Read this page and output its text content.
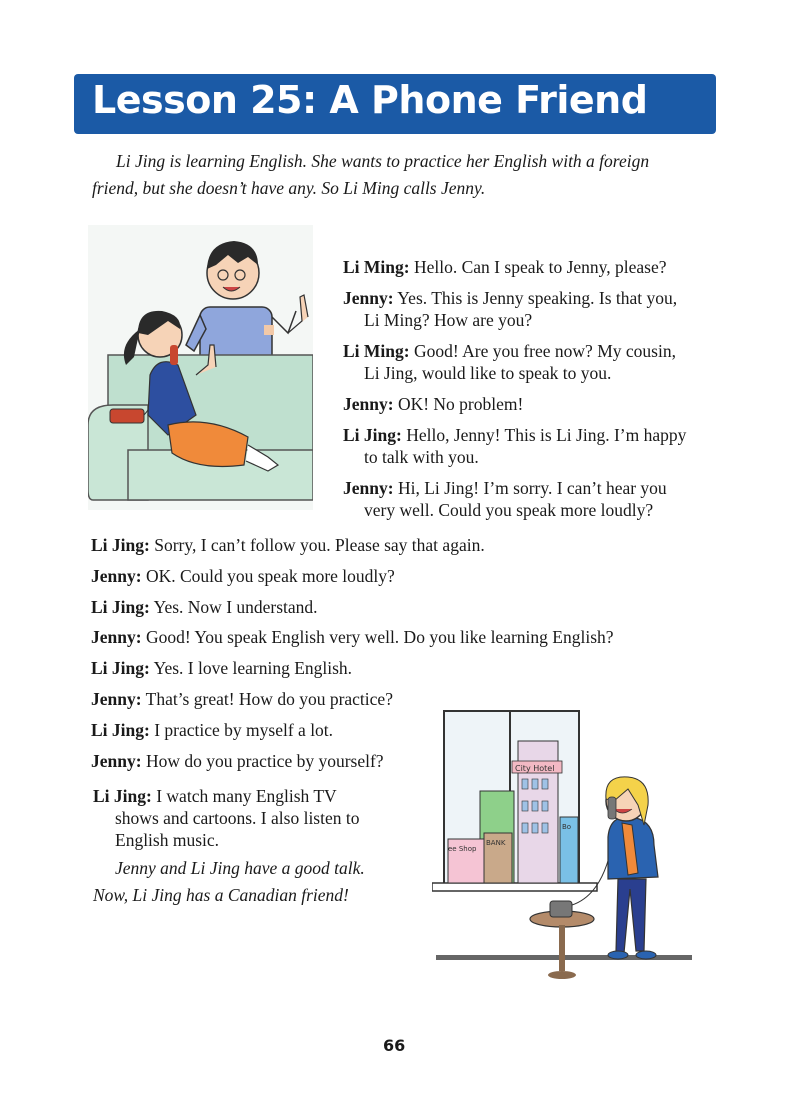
Lesson 25: A Phone Friend
Li Jing is learning English. She wants to practice her English with a foreign
friend, but she doesn’t have any. So Li Ming calls Jenny.
Li Ming: Hello. Can I speak to Jenny, please?
Jenny: Yes. This is Jenny speaking. Is that you,
Li Ming? How are you?
Li Ming: Good! Are you free now? My cousin,
Li Jing, would like to speak to you.
Jenny: OK! No problem!
Li Jing: Hello, Jenny! This is Li Jing. I’m happy
to talk with you.
Jenny: Hi, Li Jing! I’m sorry. I can’t hear you
very well. Could you speak more loudly?
Li Jing: Sorry, I can’t follow you. Please say that again.
Jenny: OK. Could you speak more loudly?
Li Jing: Yes. Now I understand.
Jenny: Good! You speak English very well. Do you like learning English?
Li Jing: Yes. I love learning English.
Jenny: That’s great! How do you practice?
Li Jing: I practice by myself a lot.
Jenny: How do you practice by yourself?
Li Jing: I watch many English TV
shows and cartoons. I also listen to
English music.
Jenny and Li Jing have a good talk.
Now, Li Jing has a Canadian friend!
City Hotel
ee Shop
BANK
Bo
66
